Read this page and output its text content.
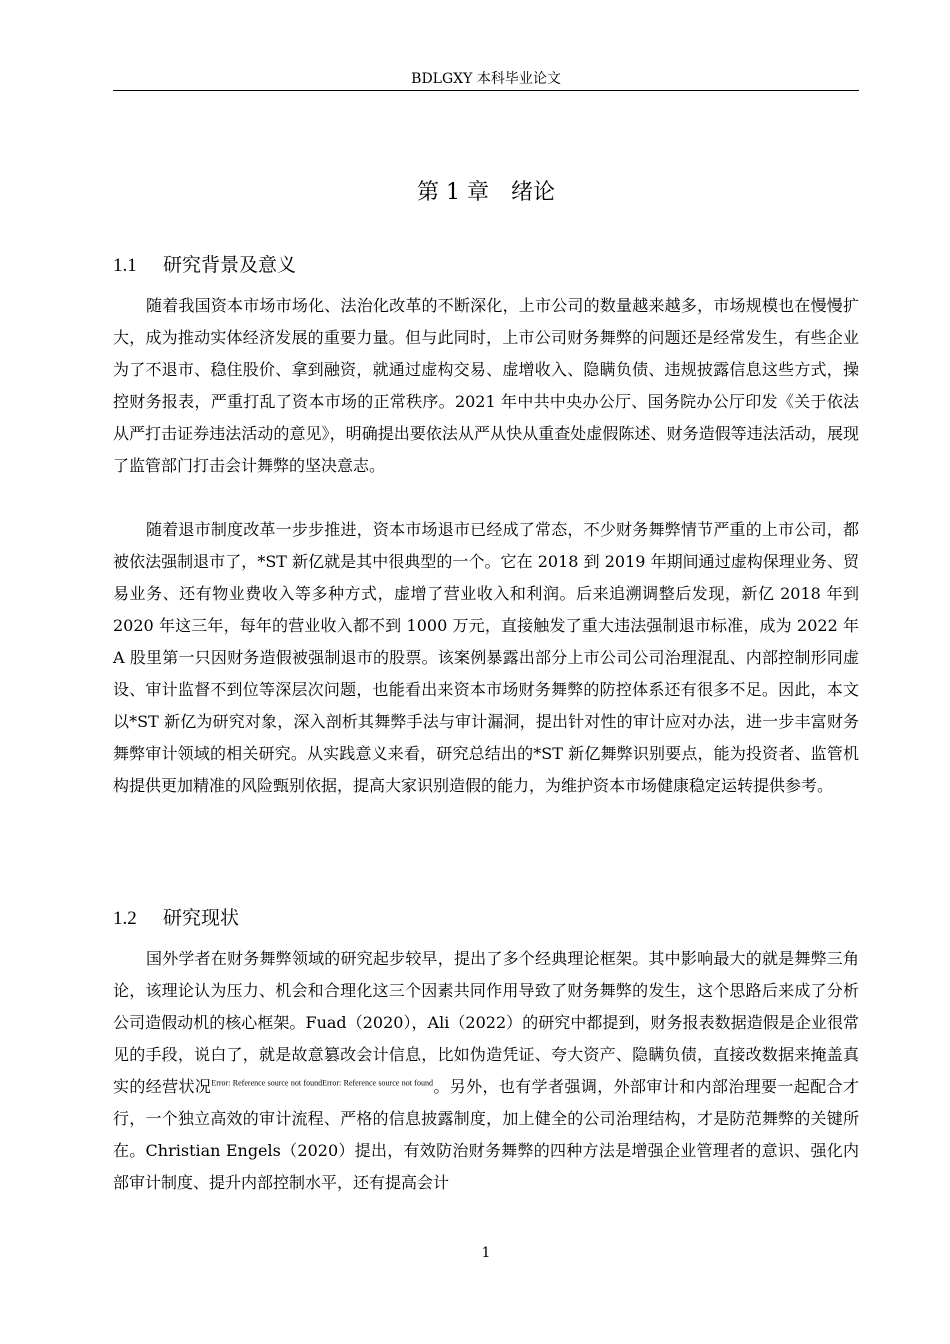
BDLGXY 本科毕业论文
第 1 章　绪论
1.1 研究背景及意义

随着我国资本市场市场化、法治化改革的不断深化，上市公司的数量越来越多，市场规模也在慢慢扩大，成为推动实体经济发展的重要力量。但与此同时，上市公司财务舞弊的问题还是经常发生，有些企业为了不退市、稳住股价、拿到融资，就通过虚构交易、虚增收入、隐瞒负债、违规披露信息这些方式，操控财务报表，严重打乱了资本市场的正常秩序。2021 年中共中央办公厅、国务院办公厅印发《关于依法从严打击证券违法活动的意见》，明确提出要依法从严从快从重查处虚假陈述、财务造假等违法活动，展现了监管部门打击会计舞弊的坚决意志。

随着退市制度改革一步步推进，资本市场退市已经成了常态，不少财务舞弊情节严重的上市公司，都被依法强制退市了，*ST 新亿就是其中很典型的一个。它在 2018 到 2019 年期间通过虚构保理业务、贸易业务、还有物业费收入等多种方式，虚增了营业收入和利润。后来追溯调整后发现，新亿 2018 年到 2020 年这三年，每年的营业收入都不到 1000 万元，直接触发了重大违法强制退市标准，成为 2022 年 A 股里第一只因财务造假被强制退市的股票。该案例暴露出部分上市公司公司治理混乱、内部控制形同虚设、审计监督不到位等深层次问题，也能看出来资本市场财务舞弊的防控体系还有很多不足。因此，本文以*ST 新亿为研究对象，深入剖析其舞弊手法与审计漏洞，提出针对性的审计应对办法，进一步丰富财务舞弊审计领域的相关研究。从实践意义来看，研究总结出的*ST 新亿舞弊识别要点，能为投资者、监管机构提供更加精准的风险甄别依据，提高大家识别造假的能力，为维护资本市场健康稳定运转提供参考。

1.2 研究现状

国外学者在财务舞弊领域的研究起步较早，提出了多个经典理论框架。其中影响最大的就是舞弊三角论，该理论认为压力、机会和合理化这三个因素共同作用导致了财务舞弊的发生，这个思路后来成了分析公司造假动机的核心框架。Fuad（2020），Ali（2022）的研究中都提到，财务报表数据造假是企业很常见的手段，说白了，就是故意篡改会计信息，比如伪造凭证、夸大资产、隐瞒负债，直接改数据来掩盖真实的经营状况$^{Error: Reference source not foundError: Reference source not found}$。另外，也有学者强调，外部审计和内部治理要一起配合才行，一个独立高效的审计流程、严格的信息披露制度，加上健全的公司治理结构，才是防范舞弊的关键所在。Christian Engels（2020）提出，有效防治财务舞弊的四种方法是增强企业管理者的意识、强化内部审计制度、提升内部控制水平，还有提高会计

1
